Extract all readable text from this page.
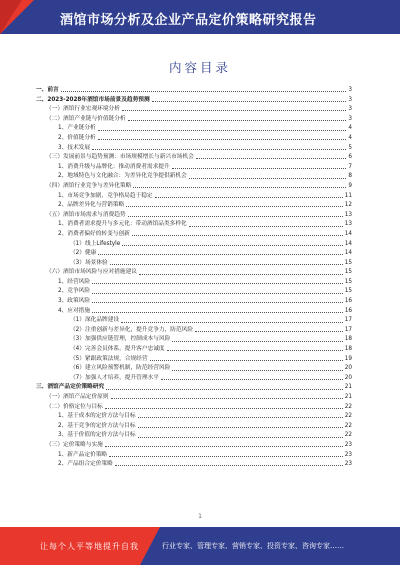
酒馆市场分析及企业产品定价策略研究报告
内容目录
一、前言	3
二、2023-2028年酒馆市场前景及趋势预测	3
（一）酒馆行业宏观环境分析	3
（二）酒馆产业链与价值链分析	3
1、产业链分析	4
2、价值链分析	4
3、技术发展	5
（三）发展前景与趋势预测：市场规模增长与新兴市场机会	6
1、消费升级与品牌化：推动消费者需求提升	7
2、地域特色与文化融合：为差异化竞争提供新机会	8
（四）酒馆行业竞争与差异化策略	9
1、市场竞争加剧，竞争格局趋于稳定	11
2、品牌差异化与营销策略	12
（五）酒馆市场需求与消费趋势	13
1、消费者需求提升与多元化：带动酒馆品类多样化	13
2、消费者偏好的转变与创新	14
（1）线上Lifestyle	14
（2）健康	14
（3）场景体验	15
（六）酒馆市场风险与应对措施建议	15
1、经营风险	15
2、竞争风险	15
3、政策风险	16
4、应对措施	16
（1）深化品牌建设	17
（2）注重创新与差异化，提升竞争力，防范风险	17
（3）加强供应链管理，控制成本与风险	18
（4）完善会员体系，提升客户忠诚度	18
（5）紧跟政策法规，合规经营	19
（6）建立风险预警机制，防范经营风险	20
（7）加强人才培养，提升管理水平	20
三、酒馆产品定价策略研究	21
（一）酒馆产品定价原则	21
（二）价格定位与目标	22
1、基于成本的定价方法与目标	22
2、基于竞争的定价方法与目标	22
3、基于价值的定价方法与目标	22
（三）定价策略与实施	23
1、新产品定价策略	23
2、产品组合定价策略	23
1
让每个人平等地提升自我	行业专家、管理专家、营销专家、投资专家、咨询专家……
